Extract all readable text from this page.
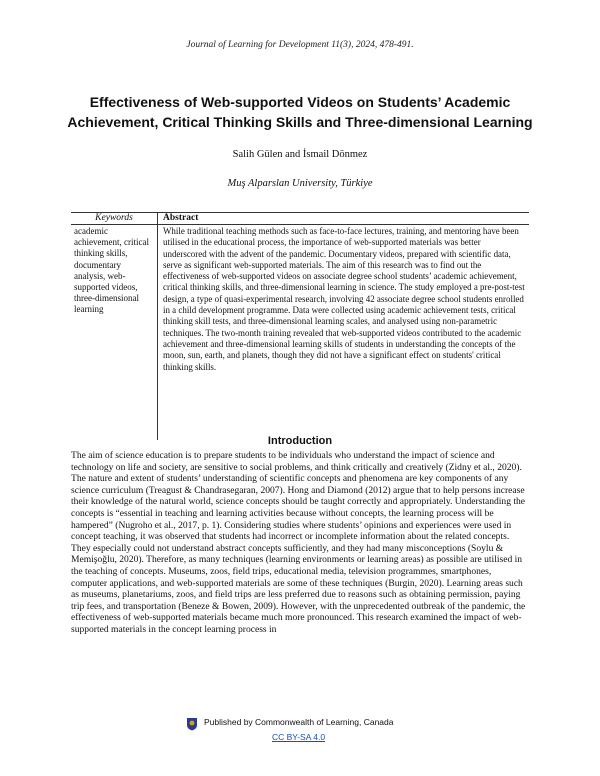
Journal of Learning for Development 11(3), 2024, 478-491.
Effectiveness of Web-supported Videos on Students’ Academic Achievement, Critical Thinking Skills and Three-dimensional Learning
Salih Gülen and İsmail Dönmez
Muş Alparslan University, Türkiye
Keywords	Abstract
academic achievement, critical thinking skills, documentary analysis, web-supported videos, three-dimensional learning
While traditional teaching methods such as face-to-face lectures, training, and mentoring have been utilised in the educational process, the importance of web-supported materials was better underscored with the advent of the pandemic. Documentary videos, prepared with scientific data, serve as significant web-supported materials. The aim of this research was to find out the effectiveness of web-supported videos on associate degree school students’ academic achievement, critical thinking skills, and three-dimensional learning in science. The study employed a pre-post-test design, a type of quasi-experimental research, involving 42 associate degree school students enrolled in a child development programme. Data were collected using academic achievement tests, critical thinking skill tests, and three-dimensional learning scales, and analysed using non-parametric techniques. The two-month training revealed that web-supported videos contributed to the academic achievement and three-dimensional learning skills of students in understanding the concepts of the moon, sun, earth, and planets, though they did not have a significant effect on students' critical thinking skills.
Introduction
The aim of science education is to prepare students to be individuals who understand the impact of science and technology on life and society, are sensitive to social problems, and think critically and creatively (Zidny et al., 2020). The nature and extent of students’ understanding of scientific concepts and phenomena are key components of any science curriculum (Treagust & Chandrasegaran, 2007). Hong and Diamond (2012) argue that to help persons increase their knowledge of the natural world, science concepts should be taught correctly and appropriately. Understanding the concepts is “essential in teaching and learning activities because without concepts, the learning process will be hampered” (Nugroho et al., 2017, p. 1). Considering studies where students’ opinions and experiences were used in concept teaching, it was observed that students had incorrect or incomplete information about the related concepts. They especially could not understand abstract concepts sufficiently, and they had many misconceptions (Soylu & Memişoğlu, 2020). Therefore, as many techniques (learning environments or learning areas) as possible are utilised in the teaching of concepts. Museums, zoos, field trips, educational media, television programmes, smartphones, computer applications, and web-supported materials are some of these techniques (Burgin, 2020). Learning areas such as museums, planetariums, zoos, and field trips are less preferred due to reasons such as obtaining permission, paying trip fees, and transportation (Beneze & Bowen, 2009). However, with the unprecedented outbreak of the pandemic, the effectiveness of web-supported materials became much more pronounced. This research examined the impact of web-supported materials in the concept learning process in
Published by Commonwealth of Learning, Canada
CC BY-SA 4.0
